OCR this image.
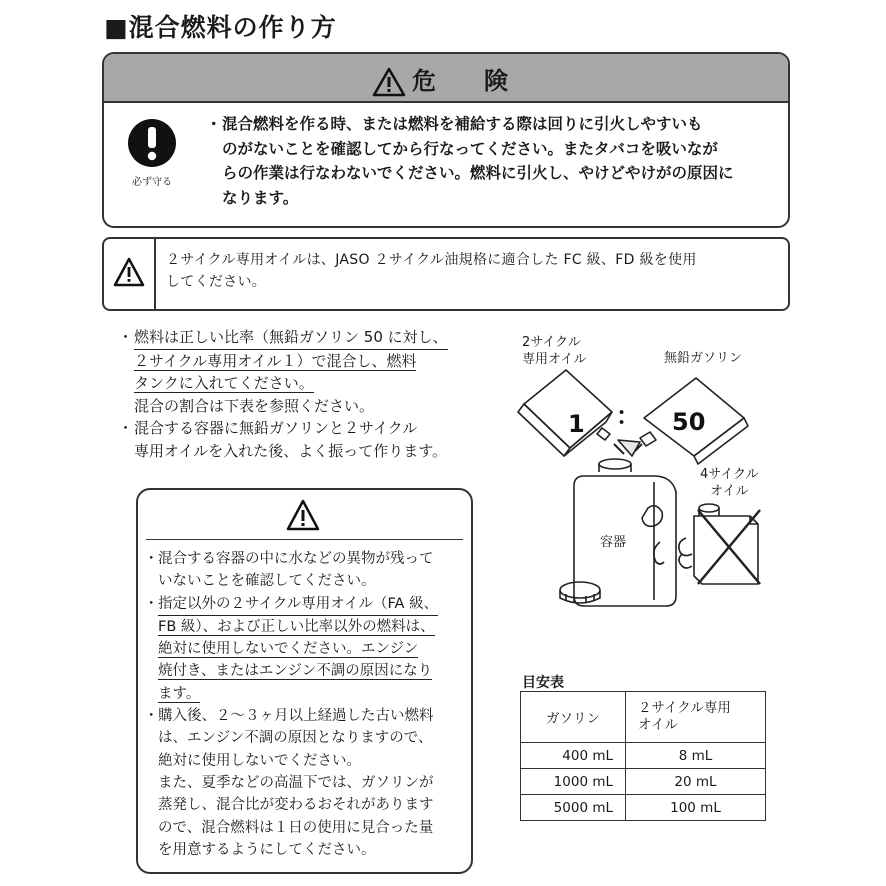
■混合燃料の作り方
危　険
必ず守る
・ 混合燃料を作る時、または燃料を補給する際は回りに引火しやすいも
のがないことを確認してから行なってください。またタバコを吸いなが
らの作業は行なわないでください。燃料に引火し、やけどやけがの原因に
なります。
２サイクル専用オイルは、JASO ２サイクル油規格に適合した FC 級、FD 級を使用
してください。
・ 燃料は正しい比率（無鉛ガソリン 50 に対し、
２サイクル専用オイル１）で混合し、燃料
タンクに入れてください。
混合の割合は下表を参照ください。
・ 混合する容器に無鉛ガソリンと２サイクル
専用オイルを入れた後、よく振って作ります。
・ 混合する容器の中に水などの異物が残って
いないことを確認してください。
・ 指定以外の２サイクル専用オイル（FA 級、
FB 級）、および正しい比率以外の燃料は、
絶対に使用しないでください。エンジン
焼付き、またはエンジン不調の原因になり
ます。
・ 購入後、２～３ヶ月以上経過した古い燃料
は、エンジン不調の原因となりますので、
絶対に使用しないでください。
また、夏季などの高温下では、ガソリンが
蒸発し、混合比が変わるおそれがあります
ので、混合燃料は１日の使用に見合った量
を用意するようにしてください。
1 ： 50
2サイクル
専用オイル	無鉛ガソリン
容器
4サイクル
オイル
目安表
ガソリン	２サイクル専用
オイル

400 mL	8 mL
1000 mL	20 mL
5000 mL	100 mL
